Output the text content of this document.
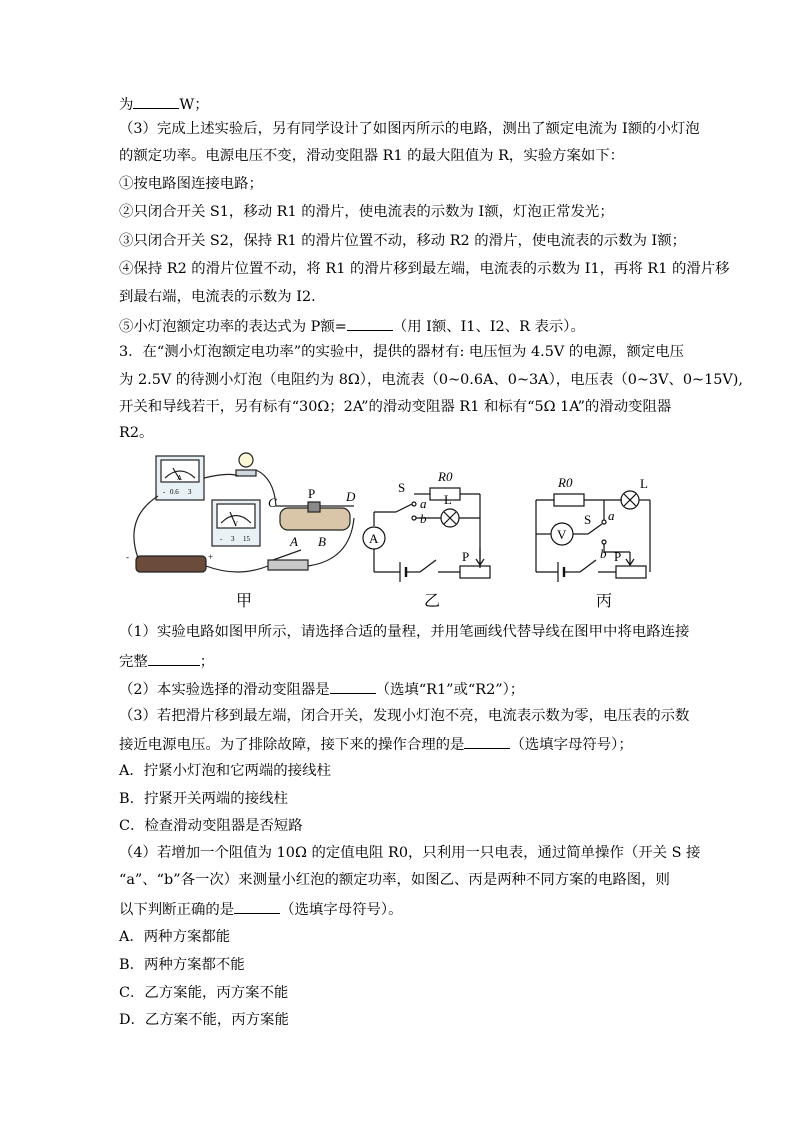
为	W；
（3）完成上述实验后，另有同学设计了如图丙所示的电路，测出了额定电流为 I额的小灯泡
的额定功率。电源电压不变，滑动变阻器 R1 的最大阻值为 R，实验方案如下：
①按电路图连接电路；
②只闭合开关 S1，移动 R1 的滑片，使电流表的示数为 I额，灯泡正常发光；
③只闭合开关 S2，保持 R1 的滑片位置不动，移动 R2 的滑片，使电流表的示数为 I额；
④保持 R2 的滑片位置不动，将 R1 的滑片移到最左端，电流表的示数为 I1，再将 R1 的滑片移
到最右端，电流表的示数为 I2.
⑤小灯泡额定功率的表达式为 P额=	（用 I额、I1、I2、R 表示）。
3．在“测小灯泡额定电功率”的实验中，提供的器材有: 电压恒为 4.5V 的电源，额定电压
为 2.5V 的待测小灯泡（电阻约为 8Ω），电流表（0~0.6A、0~3A），电压表（0~3V、0~15V),
开关和导线若干，另有标有“30Ω；2A”的滑动变阻器 R1 和标有“5Ω 1A”的滑动变阻器
R2。
A
- 0.6 3
V
- 3 15
C
P D
A B
-	+
甲
R0
S
a
b
L
A
P
乙
R0	L
V
S a
b P
丙
（1）实验电路如图甲所示，请选择合适的量程，并用笔画线代替导线在图甲中将电路连接
完整	；
（2）本实验选择的滑动变阻器是	（选填“R1”或“R2”）；
（3）若把滑片移到最左端，闭合开关，发现小灯泡不亮，电流表示数为零，电压表的示数
接近电源电压。为了排除故障，接下来的操作合理的是	（选填字母符号）；
A．拧紧小灯泡和它两端的接线柱
B．拧紧开关两端的接线柱
C．检查滑动变阻器是否短路
（4）若增加一个阻值为 10Ω 的定值电阻 R0，只利用一只电表，通过简单操作（开关 S 接
“a”、“b”各一次）来测量小红泡的额定功率，如图乙、丙是两种不同方案的电路图，则
以下判断正确的是	（选填字母符号）。
A．两种方案都能
B．两种方案都不能
C．乙方案能，丙方案不能
D．乙方案不能，丙方案能
